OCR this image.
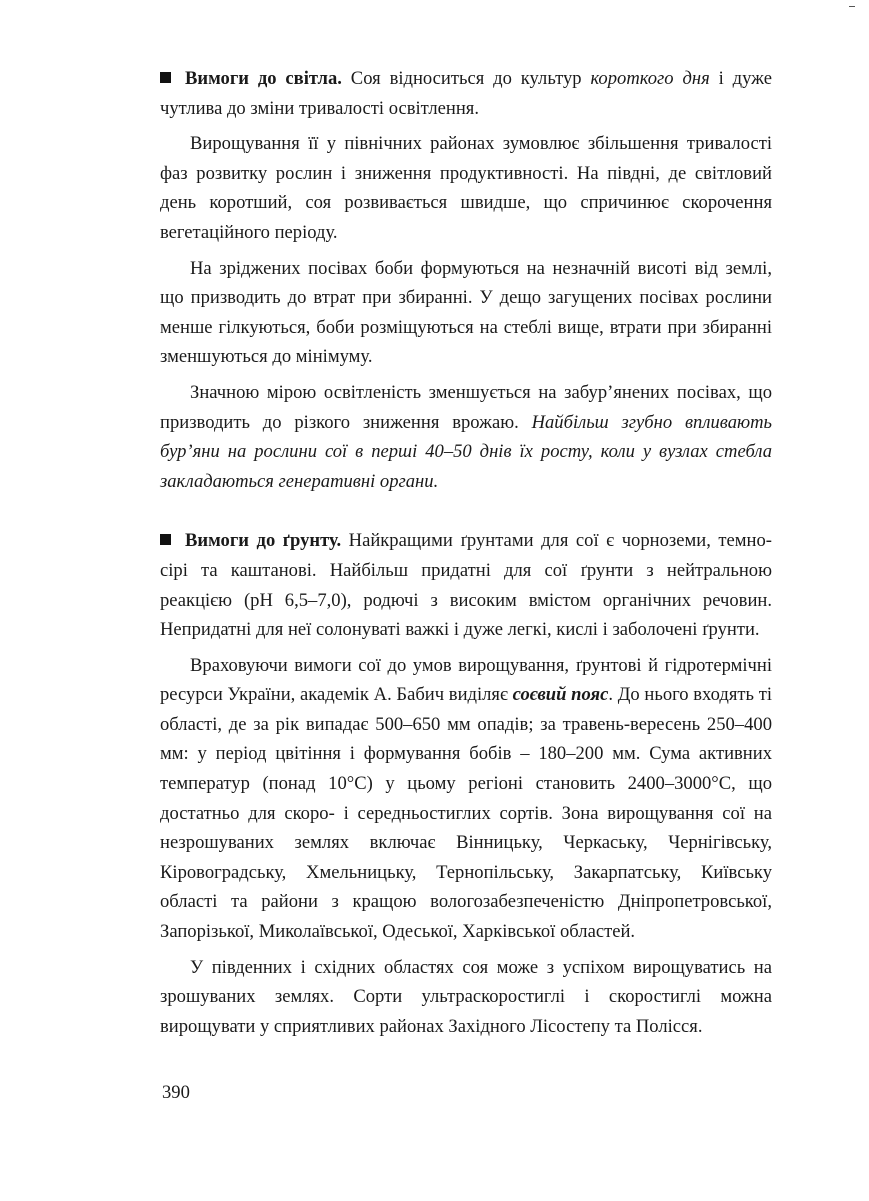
Вимоги до світла. Соя відноситься до культур короткого дня і дуже чутлива до зміни тривалості освітлення.

Вирощування її у північних районах зумовлює збільшення тривалості фаз розвитку рослин і зниження продуктивності. На півдні, де світловий день коротший, соя розвивається швидше, що спричинює скорочення вегетаційного періоду.

На зріджених посівах боби формуються на незначній висоті від землі, що призводить до втрат при збиранні. У дещо загущених посівах рослини менше гілкуються, боби розміщуються на стеблі вище, втрати при збиранні зменшуються до мінімуму.

Значною мірою освітленість зменшується на забур’янених посівах, що призводить до різкого зниження врожаю. Найбільш згубно впливають бур’яни на рослини сої в перші 40–50 днів їх росту, коли у вузлах стебла закладаються генеративні органи.

Вимоги до ґрунту. Найкращими ґрунтами для сої є чорноземи, темно-сірі та каштанові. Найбільш придатні для сої ґрунти з нейтральною реакцією (pH 6,5–7,0), родючі з високим вмістом органічних речовин. Непридатні для неї солонуваті важкі і дуже легкі, кислі і заболочені ґрунти.

Враховуючи вимоги сої до умов вирощування, ґрунтові й гідротермічні ресурси України, академік А. Бабич виділяє соєвий пояс. До нього входять ті області, де за рік випадає 500–650 мм опадів; за травень-вересень 250–400 мм: у період цвітіння і формування бобів – 180–200 мм. Сума активних температур (понад 10°С) у цьому регіоні становить 2400–3000°С, що достатньо для скоро- і середньостиглих сортів. Зона вирощування сої на незрошуваних землях включає Вінницьку, Черкаську, Чернігівську, Кіровоградську, Хмельницьку, Тернопільську, Закарпатську, Київську області та райони з кращою вологозабезпеченістю Дніпропетровської, Запорізької, Миколаївської, Одеської, Харківської областей.

У південних і східних областях соя може з успіхом вирощуватись на зрошуваних землях. Сорти ультраскоростиглі і скоростиглі можна вирощувати у сприятливих районах Західного Лісостепу та Полісся.

390
